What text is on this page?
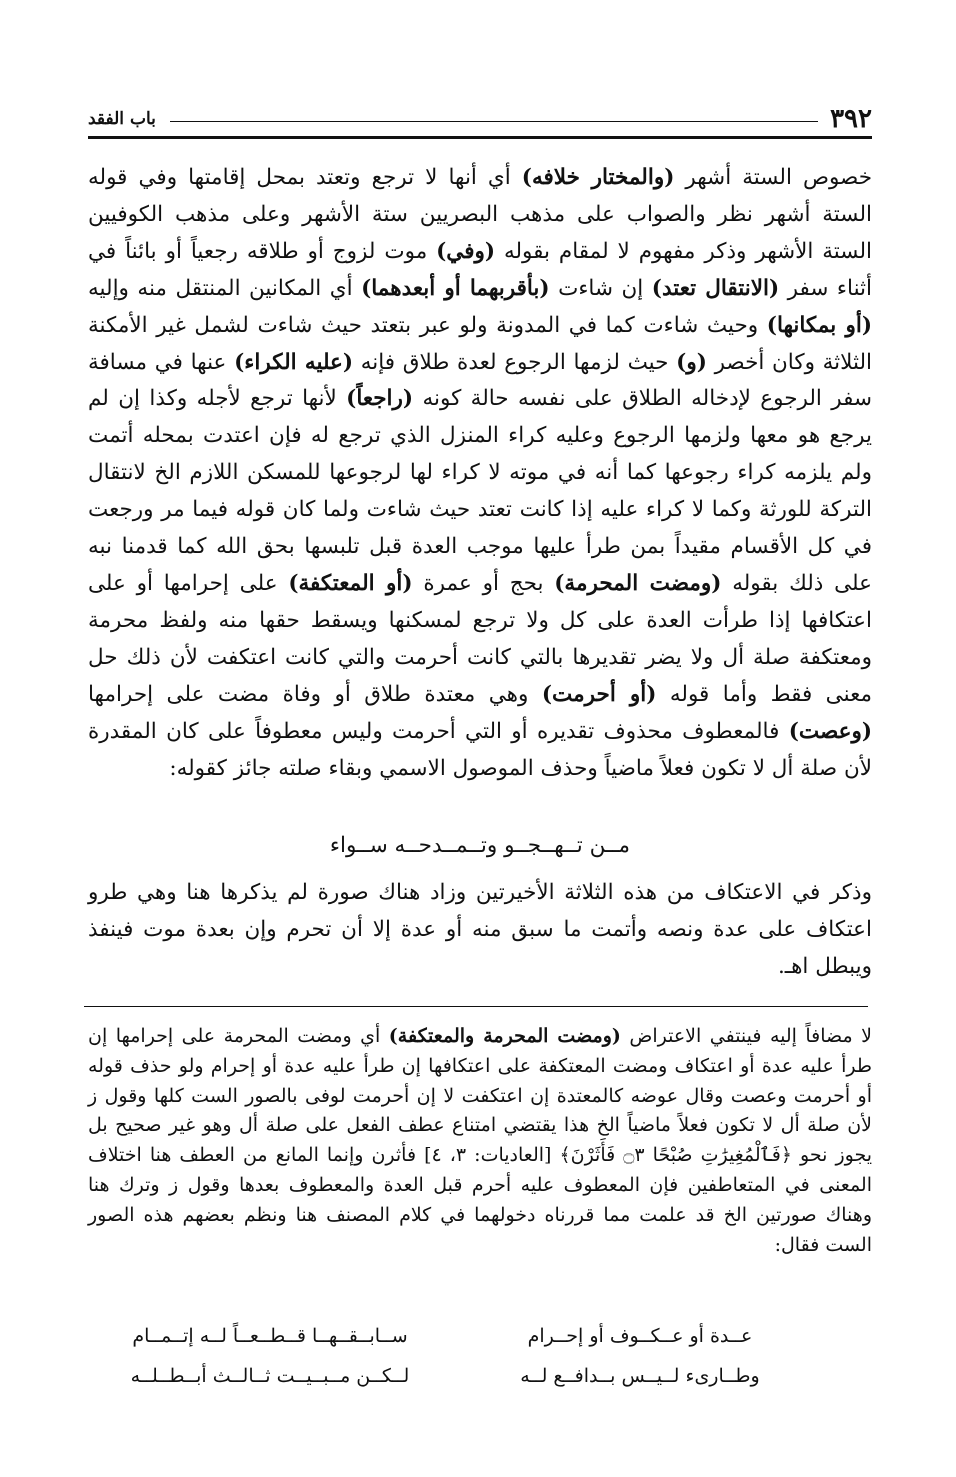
٣٩٢
باب الفقد
خصوص الستة أشهر (والمختار خلافه) أي أنها لا ترجع وتعتد بمحل إقامتها وفي قوله الستة أشهر نظر والصواب على مذهب البصريين ستة الأشهر وعلى مذهب الكوفيين الستة الأشهر وذكر مفهوم لا لمقام بقوله (وفي) موت لزوج أو طلاقه رجعياً أو بائناً في أثناء سفر (الانتقال تعتد) إن شاءت (بأقربهما أو أبعدهما) أي المكانين المنتقل منه وإليه (أو بمكانها) وحيث شاءت كما في المدونة ولو عبر بتعتد حيث شاءت لشمل غير الأمكنة الثلاثة وكان أخصر (و) حيث لزمها الرجوع لعدة طلاق فإنه (عليه الكراء) عنها في مسافة سفر الرجوع لإدخاله الطلاق على نفسه حالة كونه (راجعاً) لأنها ترجع لأجله وكذا إن لم يرجع هو معها ولزمها الرجوع وعليه كراء المنزل الذي ترجع له فإن اعتدت بمحله أتمت ولم يلزمه كراء رجوعها كما أنه في موته لا كراء لها لرجوعها للمسكن اللازم الخ لانتقال التركة للورثة وكما لا كراء عليه إذا كانت تعتد حيث شاءت ولما كان قوله فيما مر ورجعت في كل الأقسام مقيداً بمن طرأ عليها موجب العدة قبل تلبسها بحق الله كما قدمنا نبه على ذلك بقوله (ومضت المحرمة) بحج أو عمرة (أو المعتكفة) على إحرامها أو على اعتكافها إذا طرأت العدة على كل ولا ترجع لمسكنها ويسقط حقها منه ولفظ محرمة ومعتكفة صلة أل ولا يضر تقديرها بالتي كانت أحرمت والتي كانت اعتكفت لأن ذلك حل معنى فقط وأما قوله (أو أحرمت) وهي معتدة طلاق أو وفاة مضت على إحرامها (وعصت) فالمعطوف محذوف تقديره أو التي أحرمت وليس معطوفاً على كان المقدرة لأن صلة أل لا تكون فعلاً ماضياً وحذف الموصول الاسمي وبقاء صلته جائز كقوله:
مــن تــهــجــو وتــمــدحــه ســواء
وذكر في الاعتكاف من هذه الثلاثة الأخيرتين وزاد هناك صورة لم يذكرها هنا وهي طرو اعتكاف على عدة ونصه وأتمت ما سبق منه أو عدة إلا أن تحرم وإن بعدة موت فينفذ ويبطل اهـ.
لا مضافاً إليه فينتفي الاعتراض (ومضت المحرمة والمعتكفة) أي ومضت المحرمة على إحرامها إن طرأ عليه عدة أو اعتكاف ومضت المعتكفة على اعتكافها إن طرأ عليه عدة أو إحرام ولو حذف قوله أو أحرمت وعصت وقال عوضه كالمعتدة إن اعتكفت لا إن أحرمت لوفى بالصور الست كلها وقول ز لأن صلة أل لا تكون فعلاً ماضياً الخ هذا يقتضي امتناع عطف الفعل على صلة أل وهو غير صحيح بل يجوز نحو ﴿فَٱلْمُغِيرَٰتِ صُبْحًا ۝٣ فَأَثَرْنَ﴾ [العاديات: ٣، ٤] فأثرن وإنما المانع من العطف هنا اختلاف المعنى في المتعاطفين فإن المعطوف عليه أحرم قبل العدة والمعطوف بعدها وقول ز وترك هنا وهناك صورتين الخ قد علمت مما قررناه دخولهما في كلام المصنف هنا ونظم بعضهم هذه الصور الست فقال:
عــدة أو عــكــوف أو إحــرام
ســابــقــهــا قــطــعــاً لــه إتــمــام
وطــارىء لــيــس بــدافــع لــه
لــكــن مــبــيــت ثــالــث أبــطــلــه
